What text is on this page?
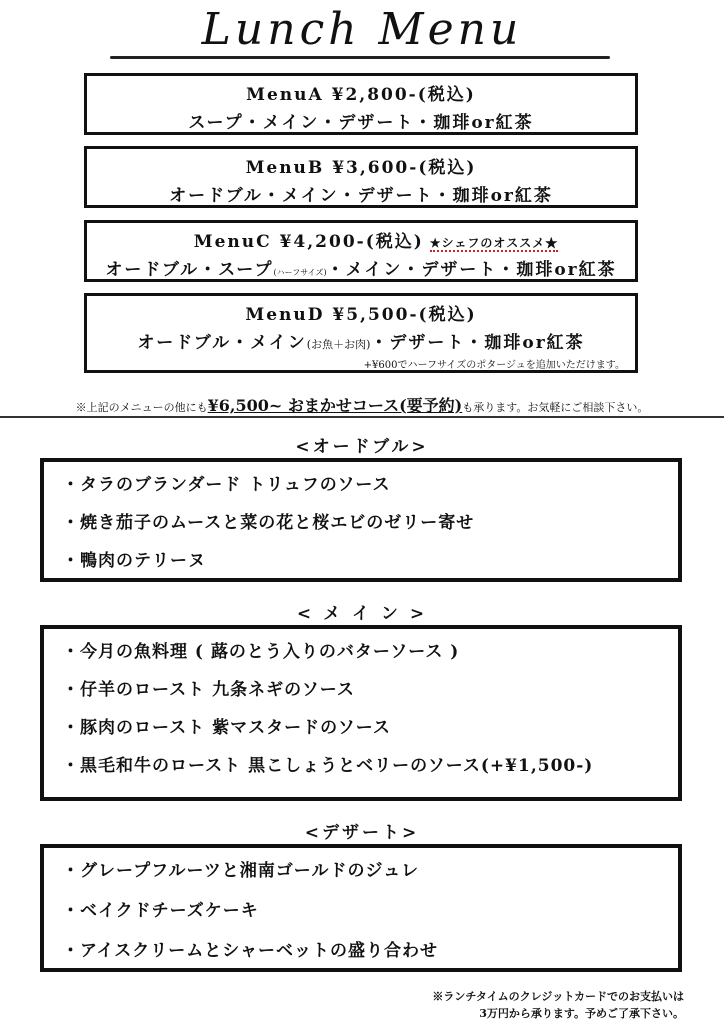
Lunch Menu
MenuA ¥2,800-(税込)
スープ・メイン・デザート・珈琲or紅茶
MenuB ¥3,600-(税込)
オードブル・メイン・デザート・珈琲or紅茶
MenuC ¥4,200-(税込) ★シェフのオススメ★
オードブル・スープ(ハーフサイズ)・メイン・デザート・珈琲or紅茶
MenuD ¥5,500-(税込)
オードブル・メイン(お魚＋お肉)・デザート・珈琲or紅茶
+¥600でハーフサイズのポタージュを追加いただけます。
※上記のメニューの他にも¥6,500~ おまかせコース(要予約)も承ります。お気軽にご相談下さい。
<オードブル>
・タラのブランダード トリュフのソース
・焼き茄子のムースと菜の花と桜エビのゼリー寄せ
・鴨肉のテリーヌ
< メ イ ン >
・今月の魚料理 ( 蕗のとう入りのバターソース )
・仔羊のロースト 九条ネギのソース
・豚肉のロースト 紫マスタードのソース
・黒毛和牛のロースト 黒こしょうとベリーのソース(+¥1,500-)
<デザート>
・グレープフルーツと湘南ゴールドのジュレ
・ベイクドチーズケーキ
・アイスクリームとシャーベットの盛り合わせ
※ランチタイムのクレジットカードでのお支払いは
3万円から承ります。予めご了承下さい。
